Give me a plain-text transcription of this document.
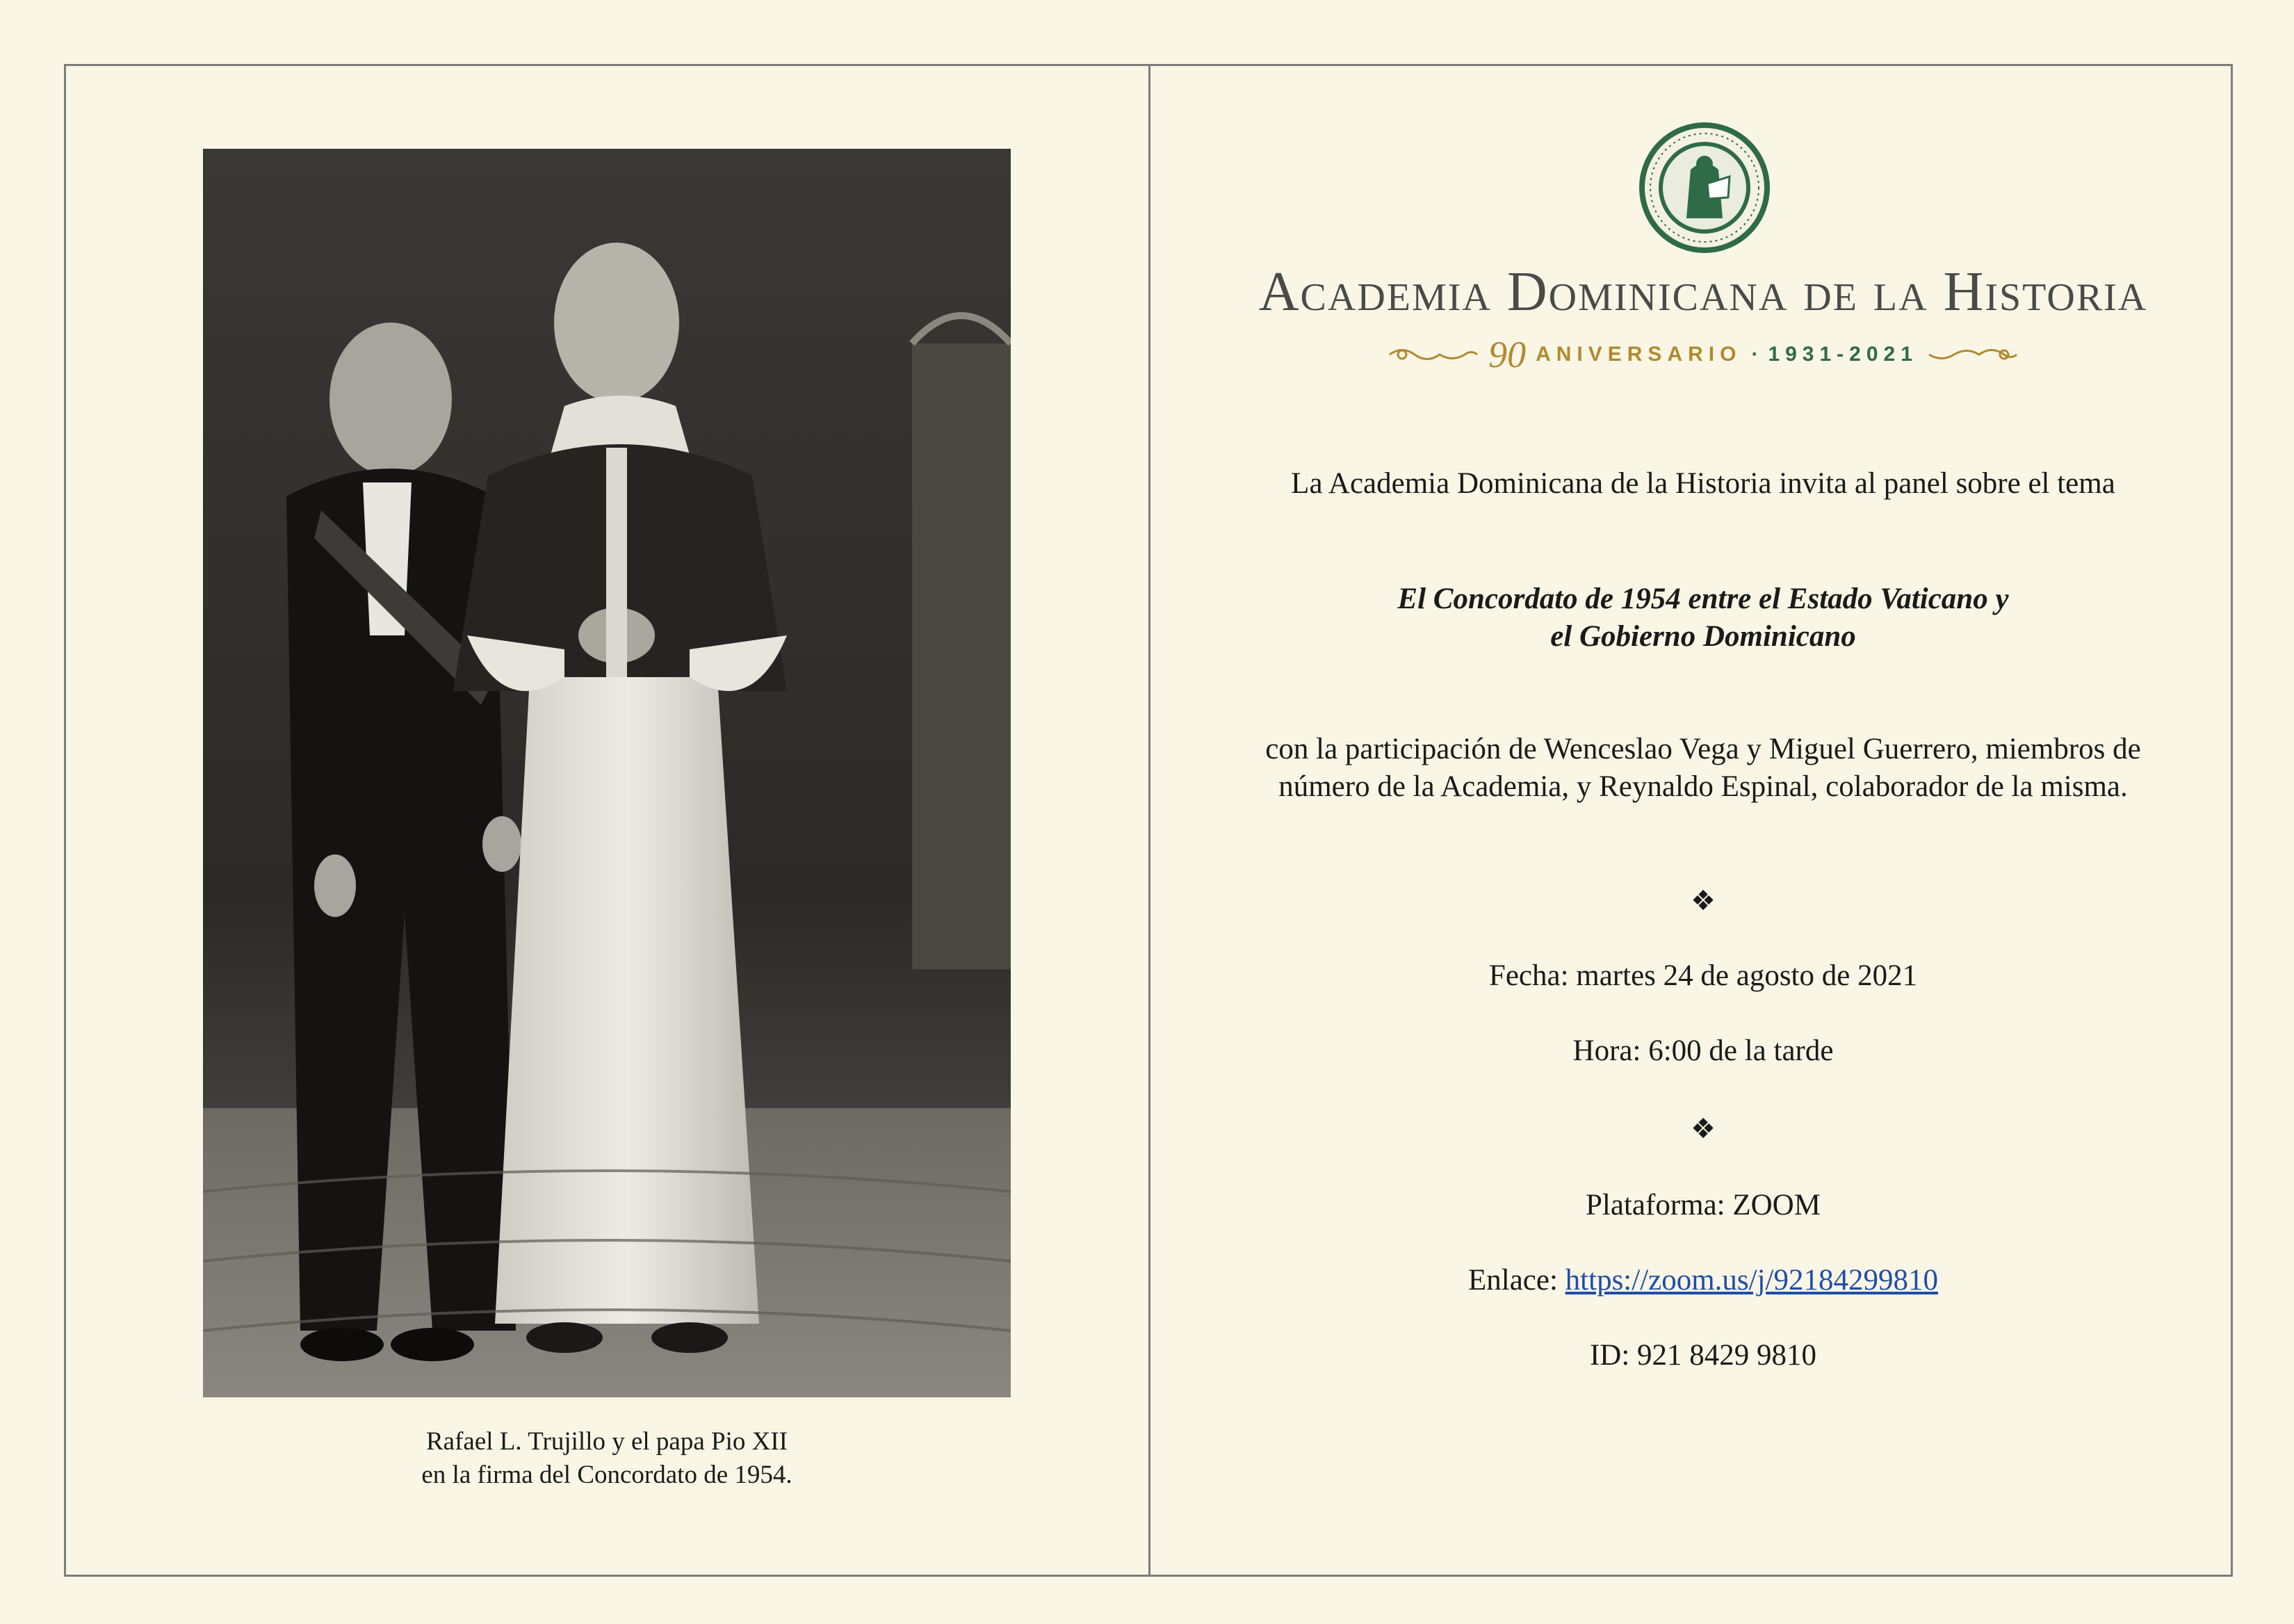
Rafael L. Trujillo y el papa Pio XII
en la firma del Concordato de 1954.
Academia Dominicana de la Historia
90 ANIVERSARIO · 1931-2021
La Academia Dominicana de la Historia invita al panel sobre el tema
El Concordato de 1954 entre el Estado Vaticano y
el Gobierno Dominicano
con la participación de Wenceslao Vega y Miguel Guerrero, miembros de
número de la Academia, y Reynaldo Espinal, colaborador de la misma.
❖
Fecha: martes 24 de agosto de 2021
Hora: 6:00 de la tarde
❖
Plataforma: ZOOM
Enlace: https://zoom.us/j/92184299810
ID: 921 8429 9810
